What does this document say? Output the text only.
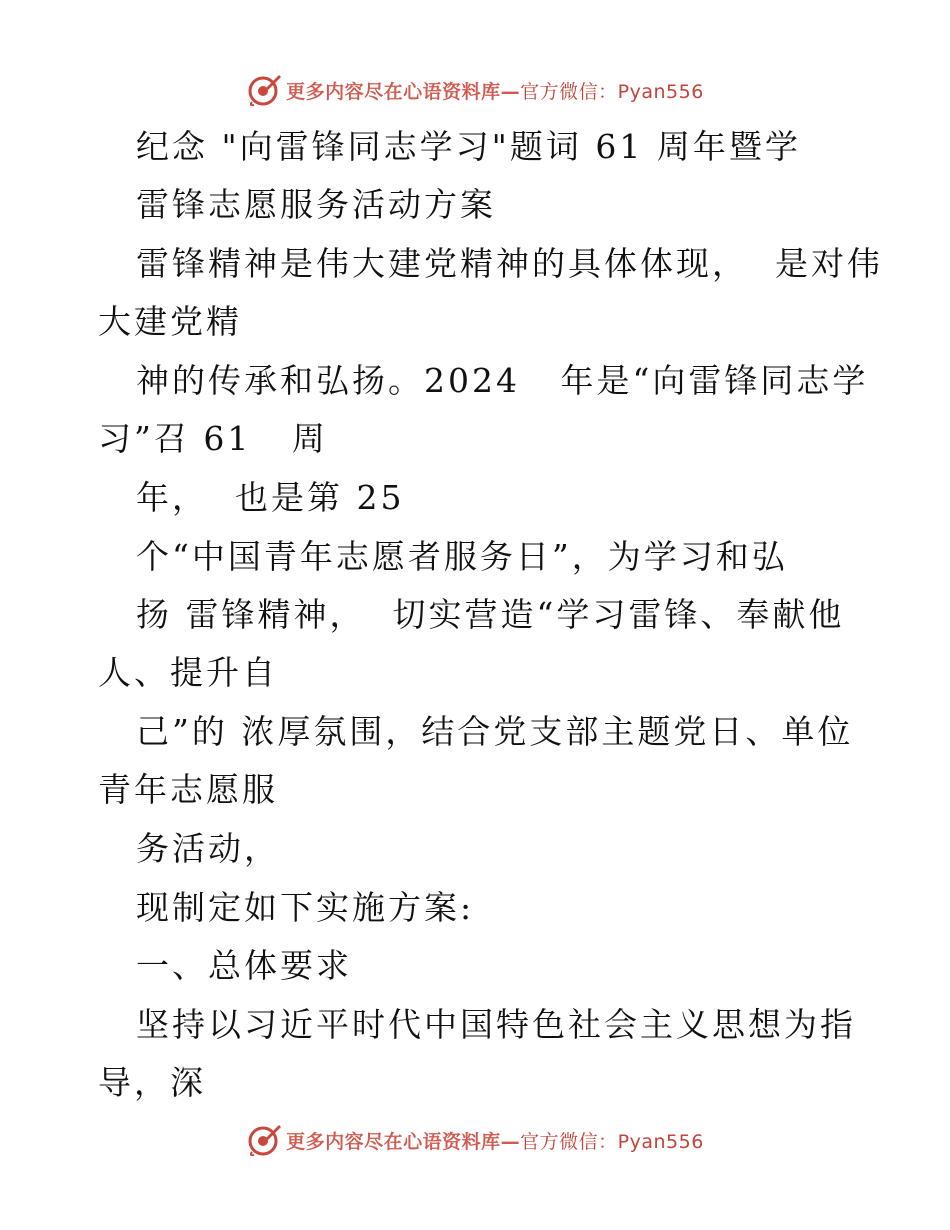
更多内容尽在心语资料库—官方微信：Pyan556
纪念 "向雷锋同志学习"题词 61 周年暨学
雷锋志愿服务活动方案
雷锋精神是伟大建党精神的具体体现，  是对伟
大建党精
神的传承和弘扬。2024   年是“向雷锋同志学
习”召 61   周
年，  也是第 25
个“中国青年志愿者服务日”，为学习和弘
扬 雷锋精神，  切实营造“学习雷锋、奉献他
人、提升自
己”的 浓厚氛围，结合党支部主题党日、单位
青年志愿服
务活动，
现制定如下实施方案:
一、总体要求
坚持以习近平时代中国特色社会主义思想为指
导，深
更多内容尽在心语资料库—官方微信：Pyan556
